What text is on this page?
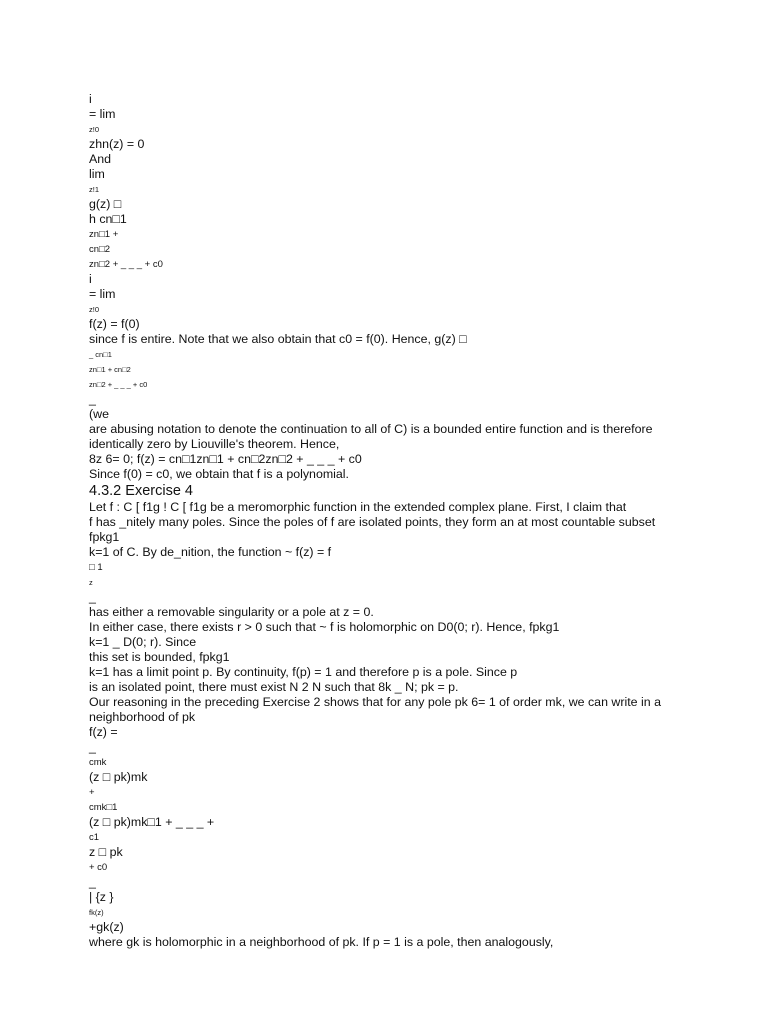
i
= lim
z!0
zhn(z) = 0
And
lim
z!1
g(z) □
h cn□1
zn□1 +
cn□2
zn□2 + _ _ _ + c0
i
= lim
z!0
f(z) = f(0)
since f is entire. Note that we also obtain that c0 = f(0). Hence, g(z) □
_ cn□1
zn□1 + cn□2
zn□2 + _ _ _ + c0
_
(we
are abusing notation to denote the continuation to all of C) is a bounded entire function and is therefore
identically zero by Liouville's theorem. Hence,
8z 6= 0; f(z) = cn□1zn□1 + cn□2zn□2 + _ _ _ + c0
Since f(0) = c0, we obtain that f is a polynomial.
4.3.2 Exercise 4
Let f : C [ f1g ! C [ f1g be a meromorphic function in the extended complex plane. First, I claim that
f has _nitely many poles. Since the poles of f are isolated points, they form an at most countable subset
fpkg1
k=1 of C. By de_nition, the function ~ f(z) = f
□ 1
z
_
has either a removable singularity or a pole at z = 0.
In either case, there exists r > 0 such that ~ f is holomorphic on D0(0; r). Hence, fpkg1
k=1 _ D(0; r). Since
this set is bounded, fpkg1
k=1 has a limit point p. By continuity, f(p) = 1 and therefore p is a pole. Since p
is an isolated point, there must exist N 2 N such that 8k _ N; pk = p.
Our reasoning in the preceding Exercise 2 shows that for any pole pk 6= 1 of order mk, we can write in a
neighborhood of pk
f(z) =
_
cmk
(z □ pk)mk
+
cmk□1
(z □ pk)mk□1 + _ _ _ +
c1
z □ pk
+ c0
_
| {z }
fk(z)
+gk(z)
where gk is holomorphic in a neighborhood of pk. If p = 1 is a pole, then analogously,
